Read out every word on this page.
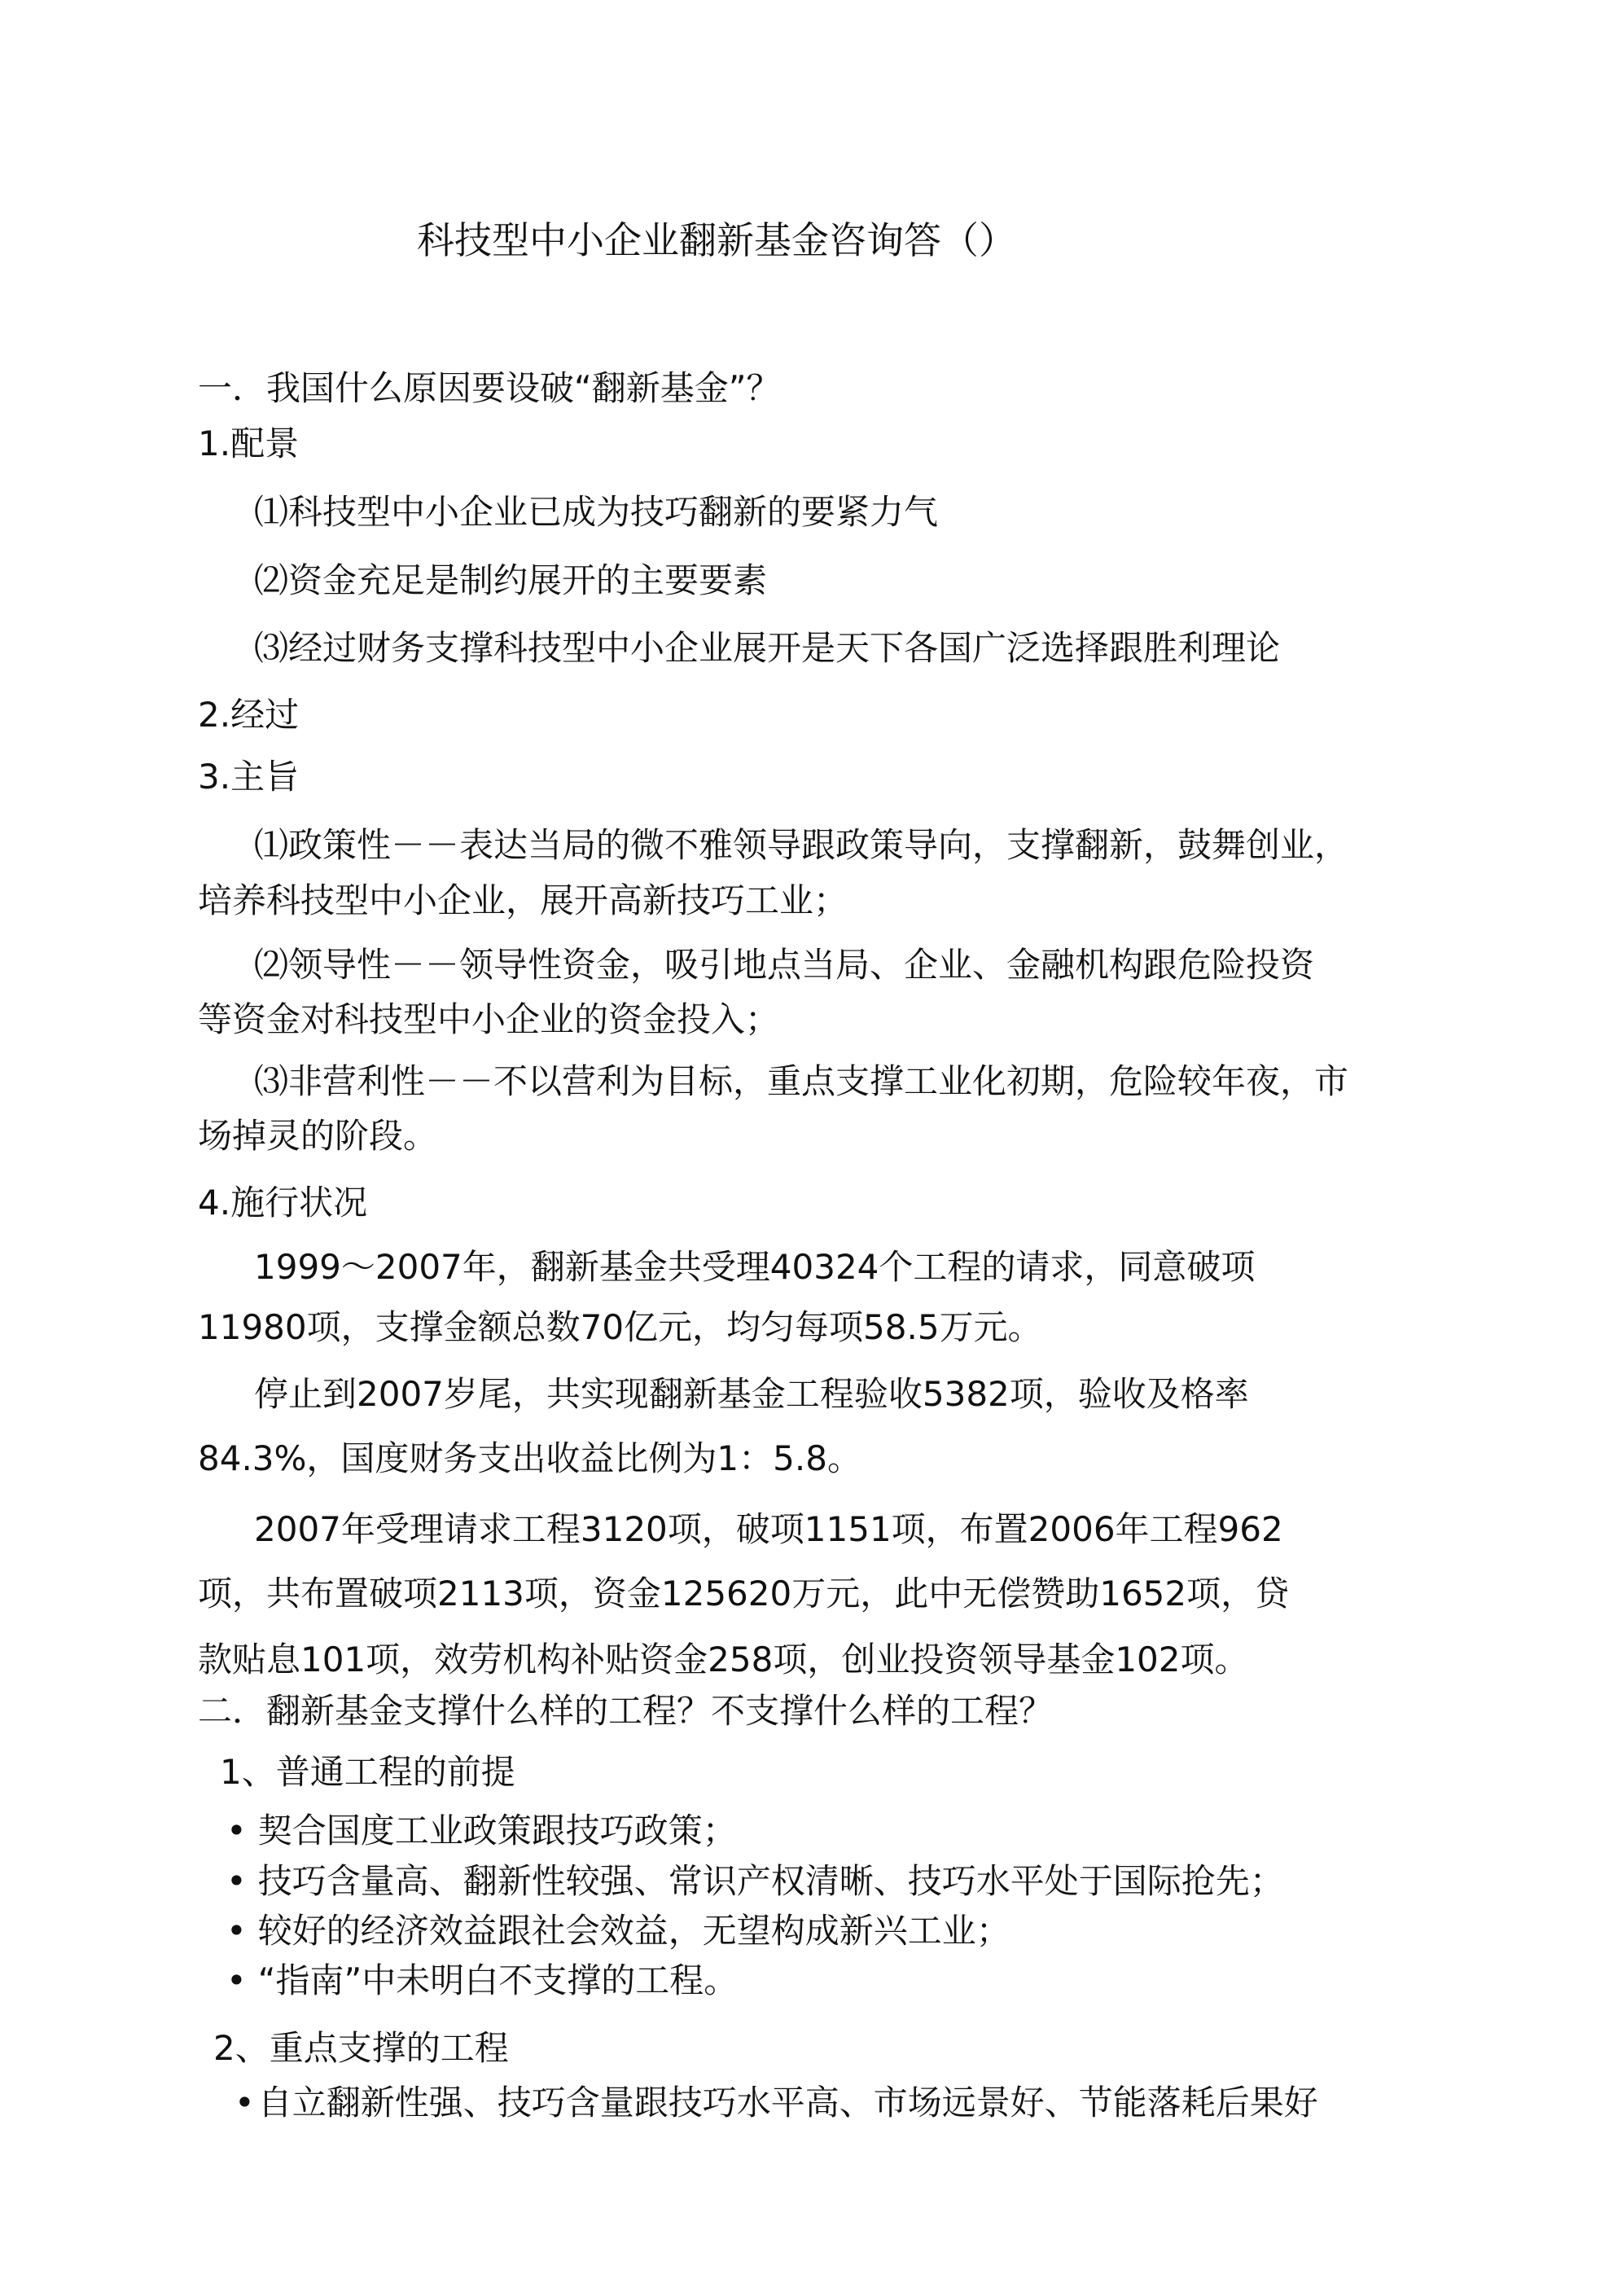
科技型中小企业翻新基金咨询答（）
一．我国什么原因要设破“翻新基金”？
1.配景
⑴科技型中小企业已成为技巧翻新的要紧力气
⑵资金充足是制约展开的主要要素
⑶经过财务支撑科技型中小企业展开是天下各国广泛选择跟胜利理论
2.经过
3.主旨
⑴政策性－－表达当局的微不雅领导跟政策导向，支撑翻新，鼓舞创业，
培养科技型中小企业，展开高新技巧工业；
⑵领导性－－领导性资金，吸引地点当局、企业、金融机构跟危险投资
等资金对科技型中小企业的资金投入；
⑶非营利性－－不以营利为目标，重点支撑工业化初期，危险较年夜，市
场掉灵的阶段。
4.施行状况
1999～2007年，翻新基金共受理40324个工程的请求，同意破项
11980项，支撑金额总数70亿元，均匀每项58.5万元。
停止到2007岁尾，共实现翻新基金工程验收5382项，验收及格率
84.3%，国度财务支出收益比例为1：5.8。
2007年受理请求工程3120项，破项1151项，布置2006年工程962
项，共布置破项2113项，资金125620万元，此中无偿赞助1652项，贷
款贴息101项，效劳机构补贴资金258项，创业投资领导基金102项。
二．翻新基金支撑什么样的工程？不支撑什么样的工程？
1、普通工程的前提
• 契合国度工业政策跟技巧政策；
• 技巧含量高、翻新性较强、常识产权清晰、技巧水平处于国际抢先；
• 较好的经济效益跟社会效益，无望构成新兴工业；
• “指南”中未明白不支撑的工程。
2、重点支撑的工程
•自立翻新性强、技巧含量跟技巧水平高、市场远景好、节能落耗后果好
